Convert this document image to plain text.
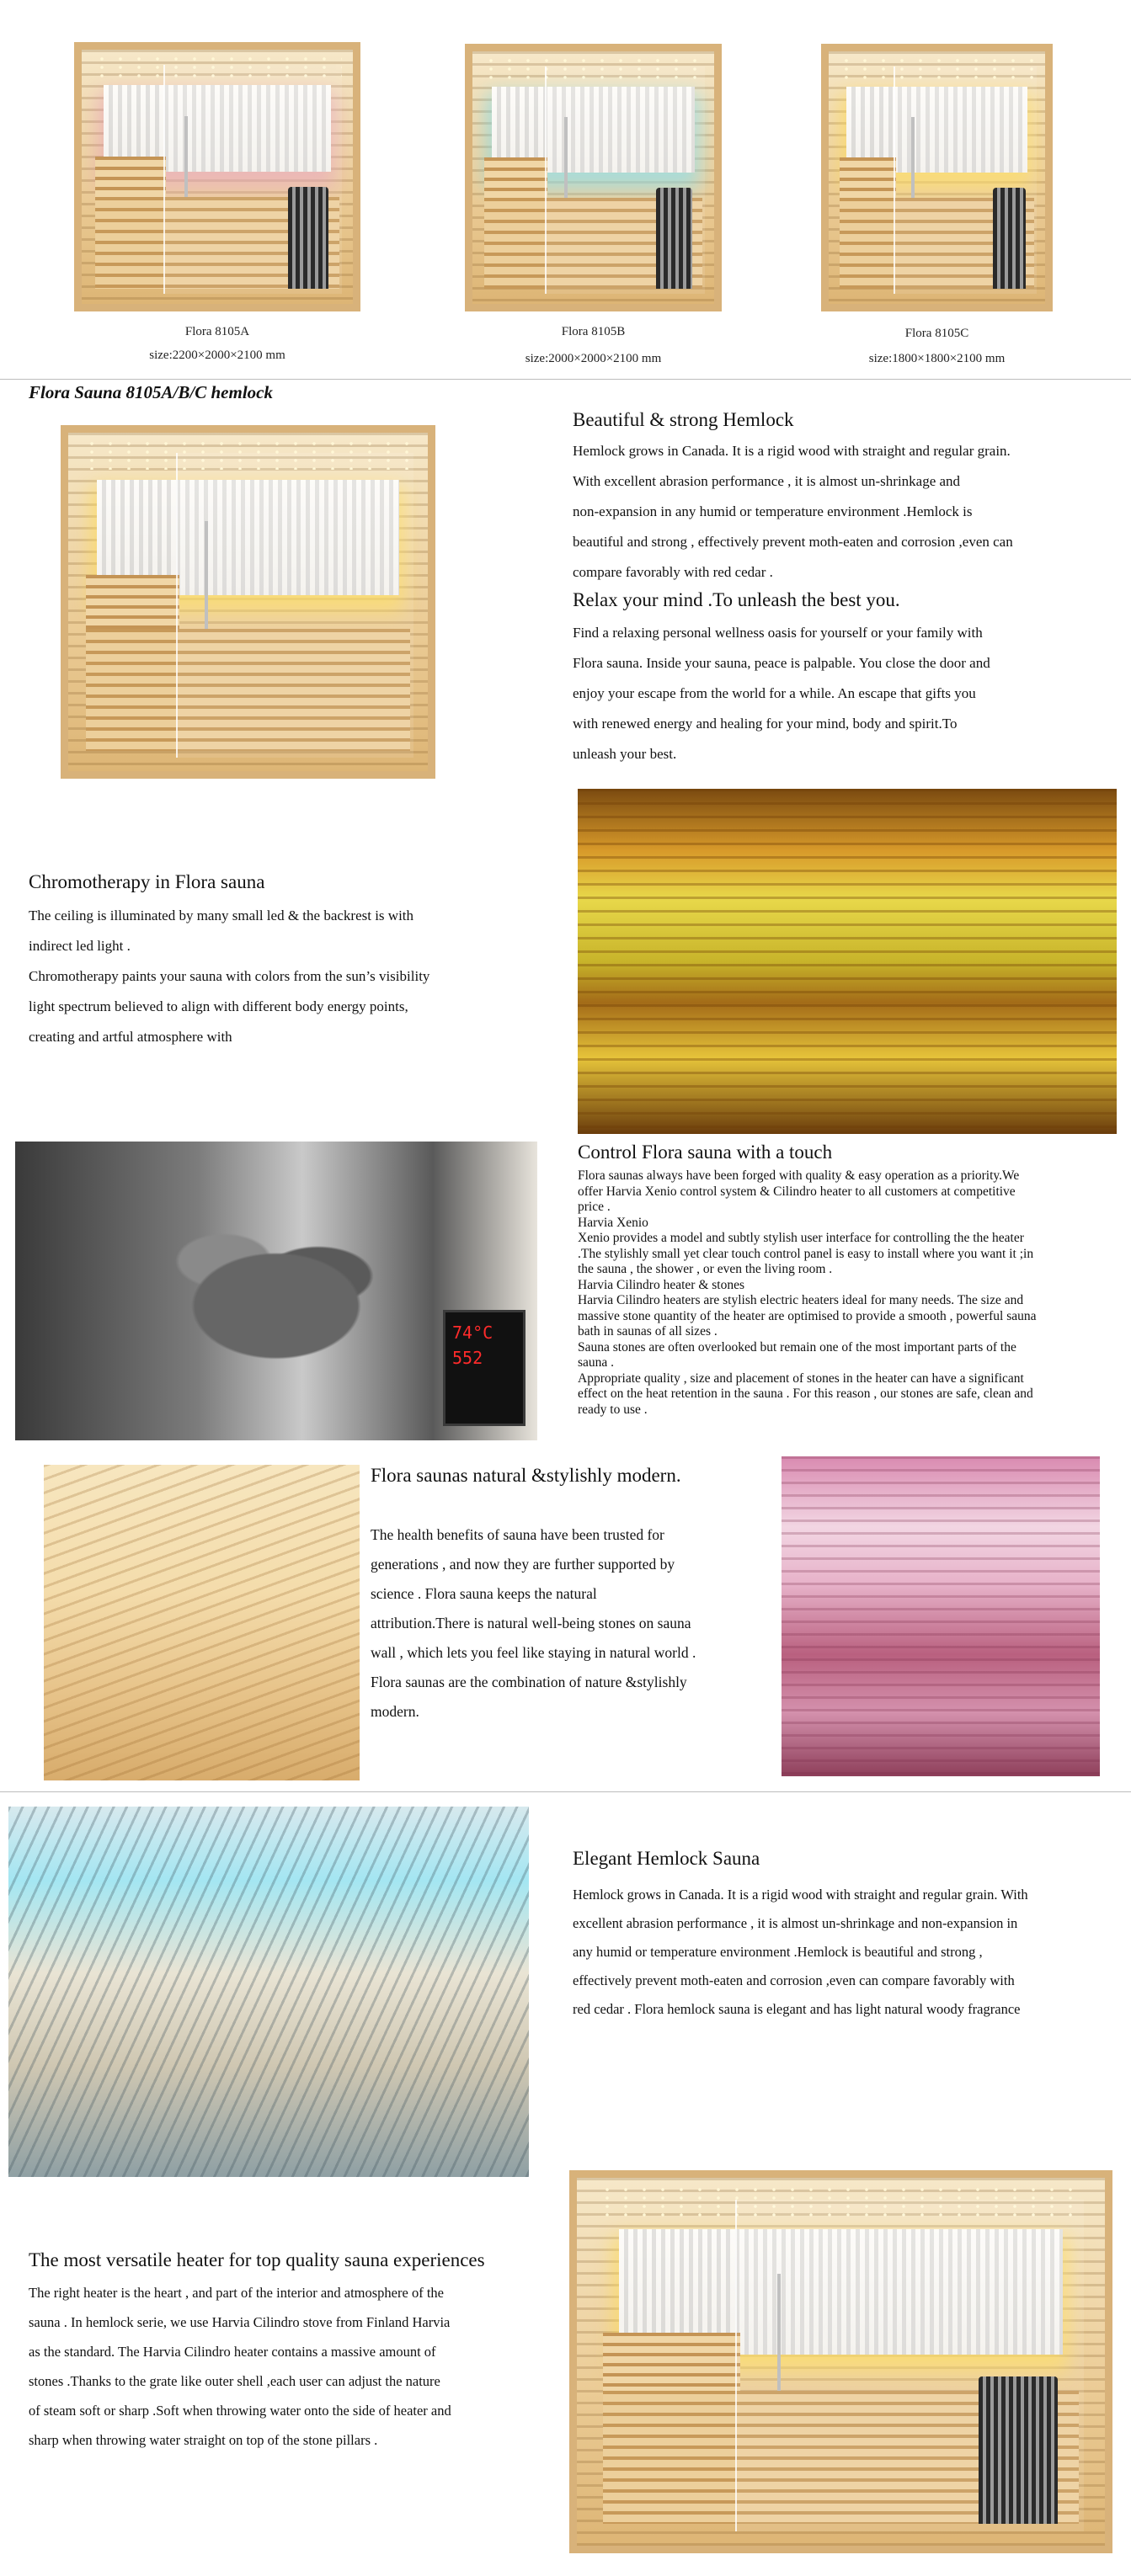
Flora 8105A
size:2200×2000×2100 mm
Flora 8105B
size:2000×2000×2100 mm
Flora 8105C
size:1800×1800×2100 mm
Flora Sauna 8105A/B/C hemlock
Beautiful & strong Hemlock
Hemlock grows in Canada. It is a rigid wood with straight and regular grain.
With excellent abrasion performance , it is almost un-shrinkage and
non-expansion in any humid or temperature environment .Hemlock is
beautiful and strong , effectively prevent moth-eaten and corrosion ,even can
compare favorably with red cedar .
Relax your mind .To unleash the best you.
Find a relaxing personal wellness oasis for yourself or your family with
Flora sauna. Inside your sauna, peace is palpable. You close the door and
enjoy your escape from the world for a while. An escape that gifts you
with renewed energy and healing for your mind, body and spirit.To
unleash your best.
Chromotherapy in Flora sauna
The ceiling is illuminated by many small led & the backrest is with
indirect led light .
Chromotherapy paints your sauna with colors from the sun’s visibility
light spectrum believed to align with different body energy points,
creating and artful atmosphere with
74°C
552
Control Flora sauna with a touch
Flora saunas always have been forged with quality & easy operation as a priority.We
offer Harvia Xenio control system & Cilindro heater to all customers at competitive
price .
Harvia Xenio
Xenio provides a model and subtly stylish user interface for controlling the the heater
.The stylishly small yet clear touch control panel is easy to install where you want it ;in
the sauna , the shower , or even the living room .
Harvia Cilindro heater & stones
Harvia Cilindro heaters are stylish electric heaters ideal for many needs. The size and
massive stone quantity of the heater are optimised to provide a smooth , powerful sauna
bath in saunas of all sizes .
Sauna stones are often overlooked but remain one of the most important parts of the
sauna .
Appropriate quality , size and placement of stones in the heater can have a significant
effect on the heat retention in the sauna . For this reason , our stones are safe, clean and
ready to use .
Flora saunas natural &stylishly modern.
The health benefits of sauna have been trusted for
generations , and now they are further supported by
science . Flora sauna keeps the natural
attribution.There is natural well-being stones on sauna
wall , which lets you feel like staying in natural world .
Flora saunas are the combination of nature &stylishly
modern.
Elegant Hemlock Sauna
Hemlock grows in Canada. It is a rigid wood with straight and regular grain. With
excellent abrasion performance , it is almost un-shrinkage and non-expansion in
any humid or temperature environment .Hemlock is beautiful and strong ,
effectively prevent moth-eaten and corrosion ,even can compare favorably with
red cedar . Flora hemlock sauna is elegant and has light natural woody fragrance
The most versatile heater for top quality sauna experiences
The right heater is the heart , and part of the interior and atmosphere of the
sauna . In hemlock serie, we use Harvia Cilindro stove from Finland Harvia
as the standard. The Harvia Cilindro heater contains a massive amount of
stones .Thanks to the grate like outer shell ,each user can adjust the nature
of steam soft or sharp .Soft when throwing water onto the side of heater and
sharp when throwing water straight on top of the stone pillars .
